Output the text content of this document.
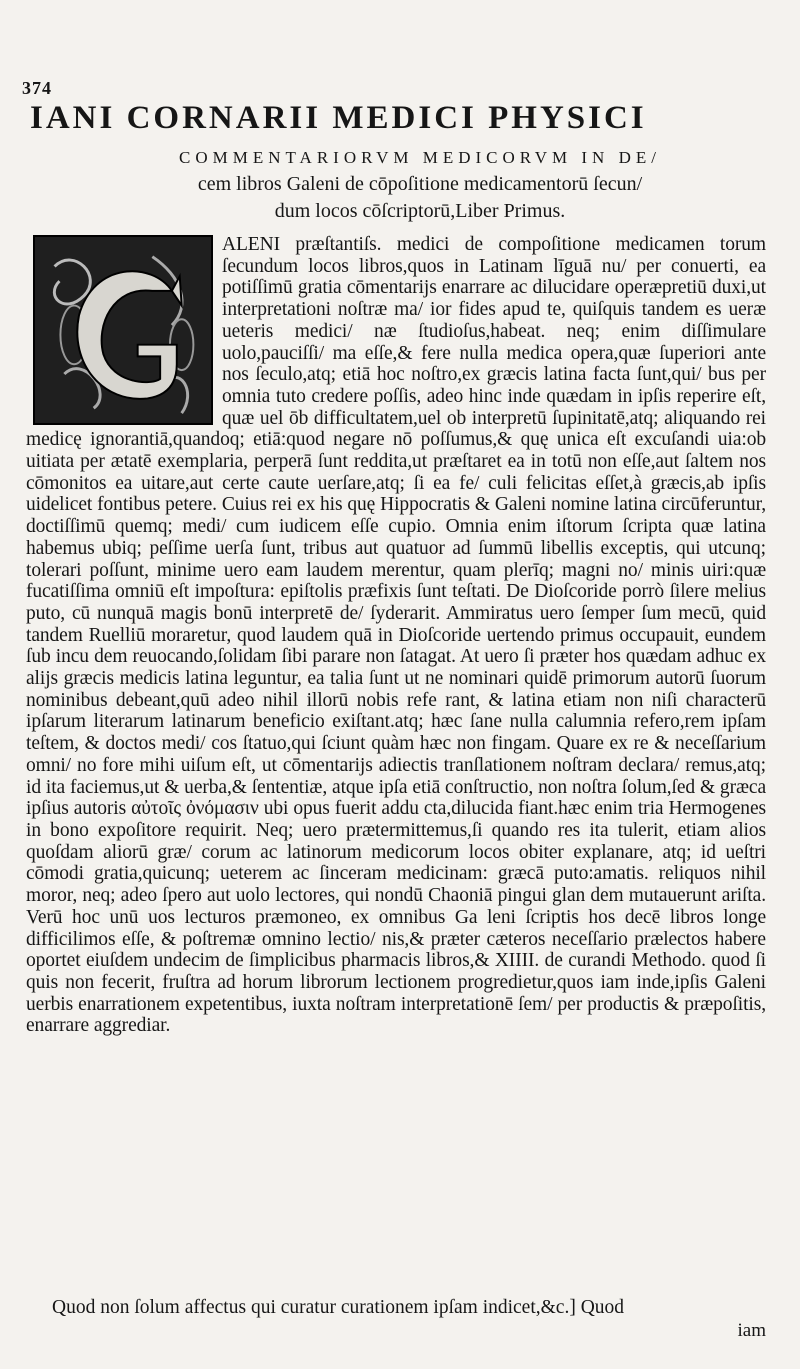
374
IANI CORNARII MEDICI PHYSICI
COMMENTARIORVM MEDICORVM IN DE/
cem libros Galeni de cōpoſitione medicamentorū ſecun/
dum locos cōſcriptorū,Liber Primus.

ALENI præſtantiſs. medici de compoſitione medicamen torum ſecundum locos libros,quos in Latinam līguā nu/ per conuerti, ea potiſſimū gratia cōmentarijs enarrare ac dilucidare operæpretiū duxi,ut interpretationi noſtræ ma/ ior fides apud te, quiſquis tandem es ueræ ueteris medici/ næ ſtudioſus,habeat. neq; enim diſſimulare uolo,pauciſſi/ ma eſſe,& fere nulla medica opera,quæ ſuperiori ante nos ſeculo,atq; etiā hoc noſtro,ex græcis latina facta ſunt,qui/ bus per omnia tuto credere poſſis, adeo hinc inde quædam in ipſis reperire eſt, quæ uel ōb difficultatem,uel ob interpretū ſupinitatē,atq; aliquando rei medicę ignorantiā,quandoq; etiā:quod negare nō poſſumus,& quę unica eſt excuſandi uia:ob uitiata per ætatē exemplaria, perperā ſunt reddita,ut præſtaret ea in totū non eſſe,aut ſaltem nos cōmonitos ea uitare,aut certe caute uerſare,atq; ſi ea fe/ culi felicitas eſſet,à græcis,ab ipſis uidelicet fontibus petere. Cuius rei ex his quę Hippocratis & Galeni nomine latina circūferuntur, doctiſſimū quemq; medi/ cum iudicem eſſe cupio. Omnia enim iſtorum ſcripta quæ latina habemus ubiq; peſſime uerſa ſunt, tribus aut quatuor ad ſummū libellis exceptis, qui utcunq; tolerari poſſunt, minime uero eam laudem merentur, quam plerīq; magni no/ minis uiri:quæ fucatiſſima omniū eſt impoſtura: epiſtolis præfixis ſunt teſtati. De Dioſcoride porrò ſilere melius puto, cū nunquā magis bonū interpretē de/ ſyderarit. Ammiratus uero ſemper ſum mecū, quid tandem Ruelliū moraretur, quod laudem quā in Dioſcoride uertendo primus occupauit, eundem ſub incu dem reuocando,ſolidam ſibi parare non ſatagat. At uero ſi præter hos quædam adhuc ex alijs græcis medicis latina leguntur, ea talia ſunt ut ne nominari quidē primorum autorū ſuorum nominibus debeant,quū adeo nihil illorū nobis refe rant, & latina etiam non niſi characterū ipſarum literarum latinarum beneficio exiſtant.atq; hæc ſane nulla calumnia refero,rem ipſam teſtem, & doctos medi/ cos ſtatuo,qui ſciunt quàm hæc non fingam. Quare ex re & neceſſarium omni/ no fore mihi uiſum eſt, ut cōmentarijs adiectis tranſlationem noſtram declara/ remus,atq; id ita faciemus,ut & uerba,& ſententiæ, atque ipſa etiā conſtructio, non noſtra ſolum,ſed & græca ipſius autoris αὐτοῖς ὀνόμασιν ubi opus fuerit addu cta,dilucida fiant.hæc enim tria Hermogenes in bono expoſitore requirit. Neq; uero prætermittemus,ſi quando res ita tulerit, etiam alios quoſdam aliorū græ/ corum ac latinorum medicorum locos obiter explanare, atq; id ueſtri cōmodi gratia,quicunq; ueterem ac ſinceram medicinam: græcā puto:amatis. reliquos nihil moror, neq; adeo ſpero aut uolo lectores, qui nondū Chaoniā pingui glan dem mutauerunt ariſta. Verū hoc unū uos lecturos præmoneo, ex omnibus Ga leni ſcriptis hos decē libros longe difficilimos eſſe, & poſtremæ omnino lectio/ nis,& præter cæteros neceſſario prælectos habere oportet eiuſdem undecim de ſimplicibus pharmacis libros,& XIIII. de curandi Methodo. quod ſi quis non fecerit, fruſtra ad horum librorum lectionem progredietur,quos iam inde,ipſis Galeni uerbis enarrationem expetentibus, iuxta noſtram interpretationē ſem/ per productis & præpoſitis, enarrare aggrediar.

Quod non ſolum affectus qui curatur curationem ipſam indicet,&c.] Quod
iam
